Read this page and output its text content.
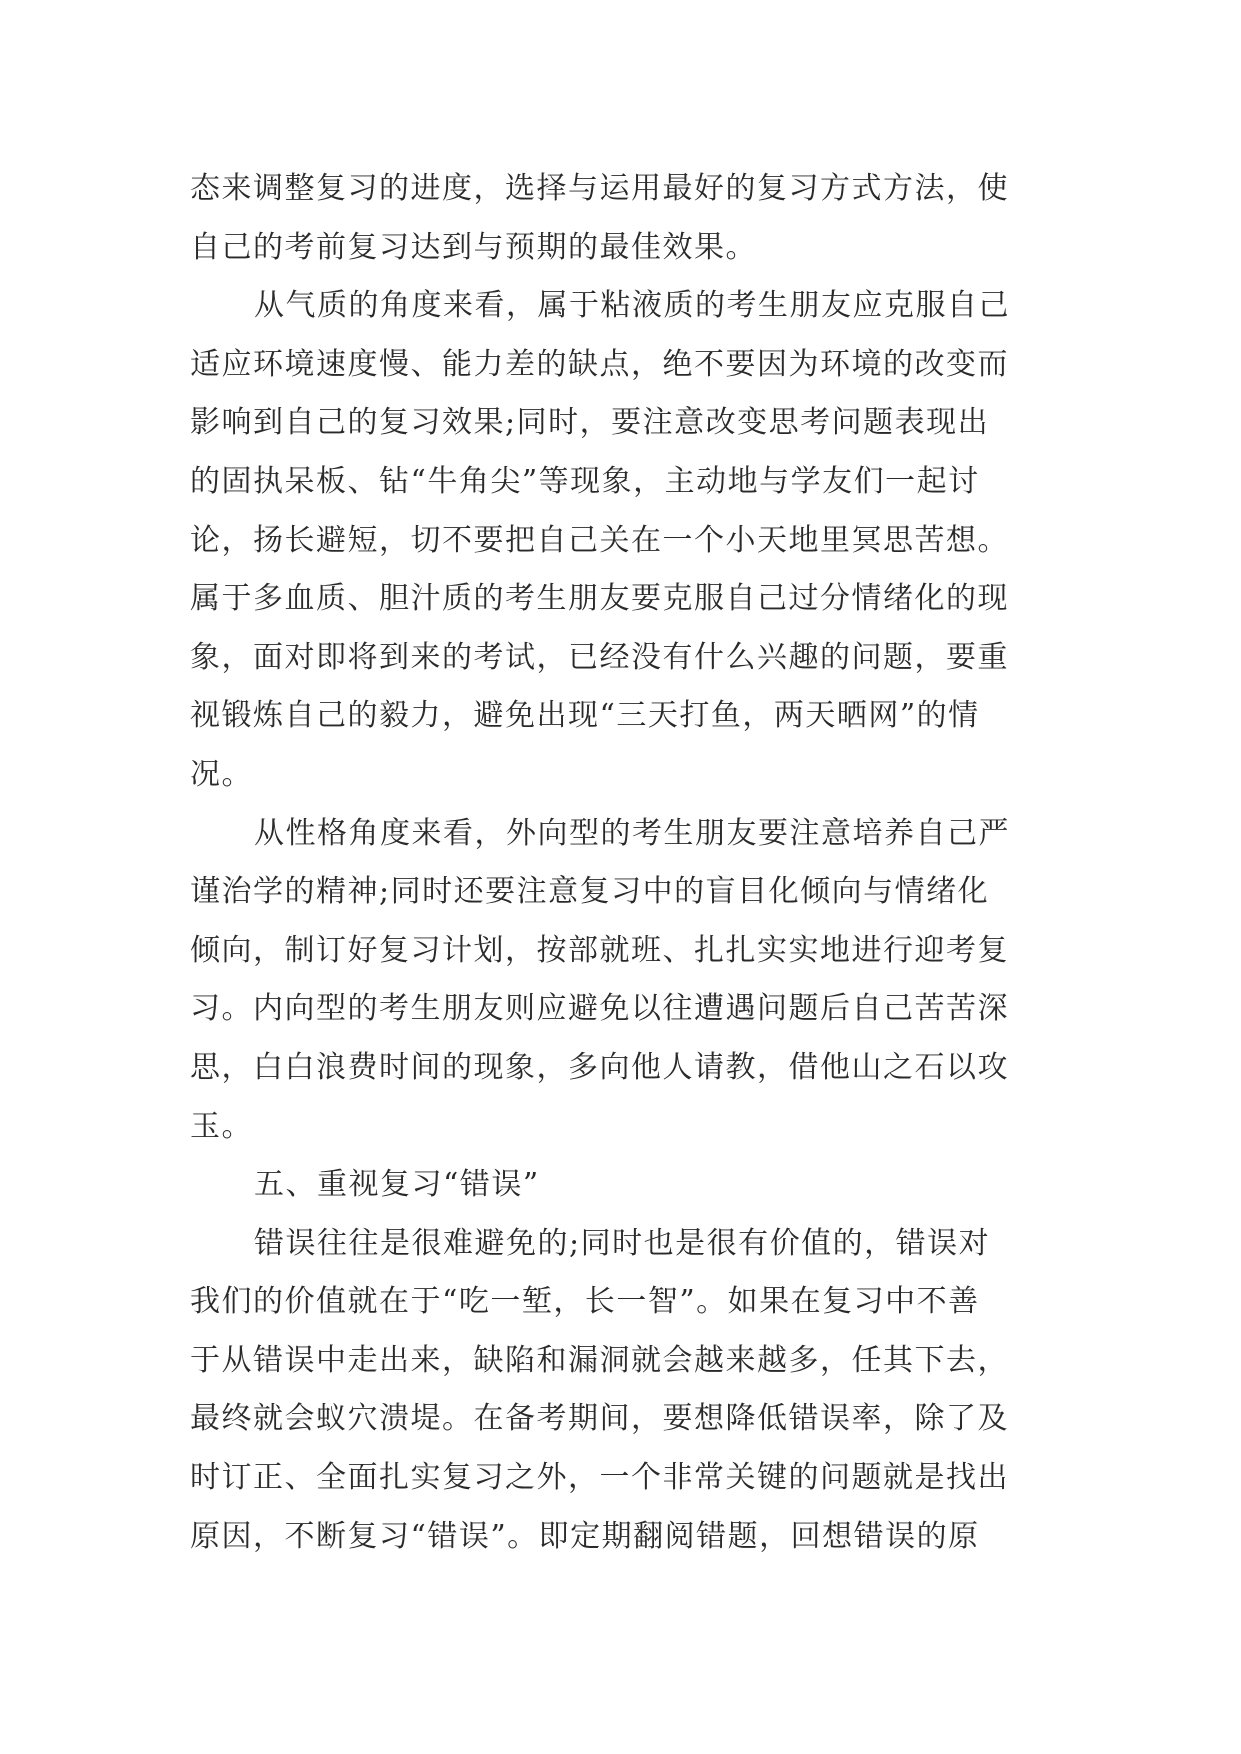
态来调整复习的进度，选择与运用最好的复习方式方法，使
自己的考前复习达到与预期的最佳效果。
从气质的角度来看，属于粘液质的考生朋友应克服自己
适应环境速度慢、能力差的缺点，绝不要因为环境的改变而
影响到自己的复习效果;同时，要注意改变思考问题表现出
的固执呆板、钻“牛角尖”等现象，主动地与学友们一起讨
论，扬长避短，切不要把自己关在一个小天地里冥思苦想。
属于多血质、胆汁质的考生朋友要克服自己过分情绪化的现
象，面对即将到来的考试，已经没有什么兴趣的问题，要重
视锻炼自己的毅力，避免出现“三天打鱼，两天晒网”的情
况。
从性格角度来看，外向型的考生朋友要注意培养自己严
谨治学的精神;同时还要注意复习中的盲目化倾向与情绪化
倾向，制订好复习计划，按部就班、扎扎实实地进行迎考复
习。内向型的考生朋友则应避免以往遭遇问题后自己苦苦深
思，白白浪费时间的现象，多向他人请教，借他山之石以攻
玉。
五、重视复习“错误”
错误往往是很难避免的;同时也是很有价值的，错误对
我们的价值就在于“吃一堑，长一智”。如果在复习中不善
于从错误中走出来，缺陷和漏洞就会越来越多，任其下去，
最终就会蚁穴溃堤。在备考期间，要想降低错误率，除了及
时订正、全面扎实复习之外，一个非常关键的问题就是找出
原因，不断复习“错误”。即定期翻阅错题，回想错误的原
